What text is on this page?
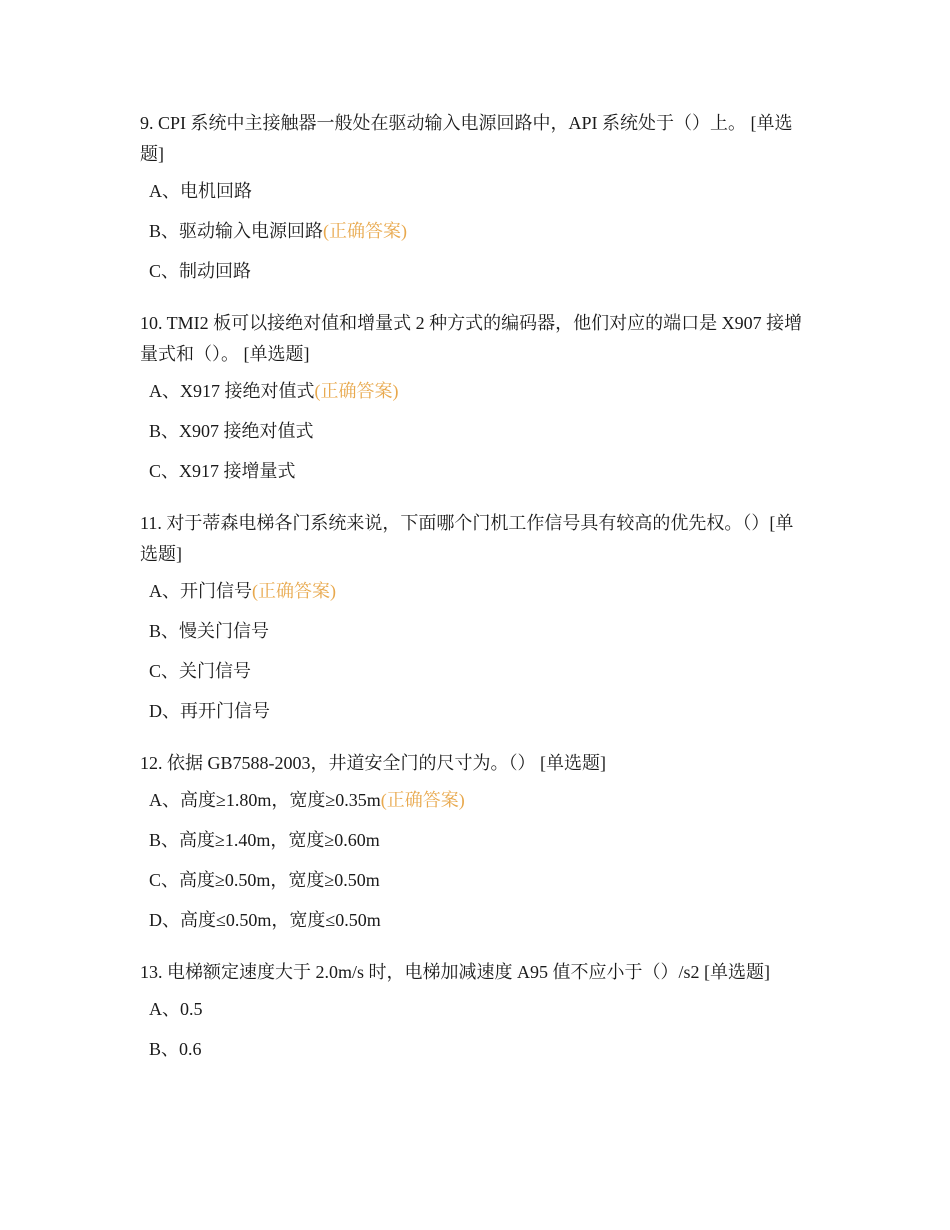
9. CPI 系统中主接触器一般处在驱动输入电源回路中，API 系统处于（）上。 [单选题]

A、电机回路
B、驱动输入电源回路(正确答案)
C、制动回路

10. TMI2 板可以接绝对值和增量式 2 种方式的编码器，他们对应的端口是 X907 接增量式和（）。 [单选题]

A、X917 接绝对值式(正确答案)
B、X907 接绝对值式
C、X917 接增量式

11. 对于蒂森电梯各门系统来说，下面哪个门机工作信号具有较高的优先权。（）[单选题]

A、开门信号(正确答案)
B、慢关门信号
C、关门信号
D、再开门信号

12. 依据 GB7588-2003，井道安全门的尺寸为。（） [单选题]

A、高度≥1.80m，宽度≥0.35m(正确答案)
B、高度≥1.40m，宽度≥0.60m
C、高度≥0.50m，宽度≥0.50m
D、高度≤0.50m，宽度≤0.50m

13. 电梯额定速度大于 2.0m/s 时，电梯加减速度 A95 值不应小于（）/s2 [单选题]

A、0.5
B、0.6
